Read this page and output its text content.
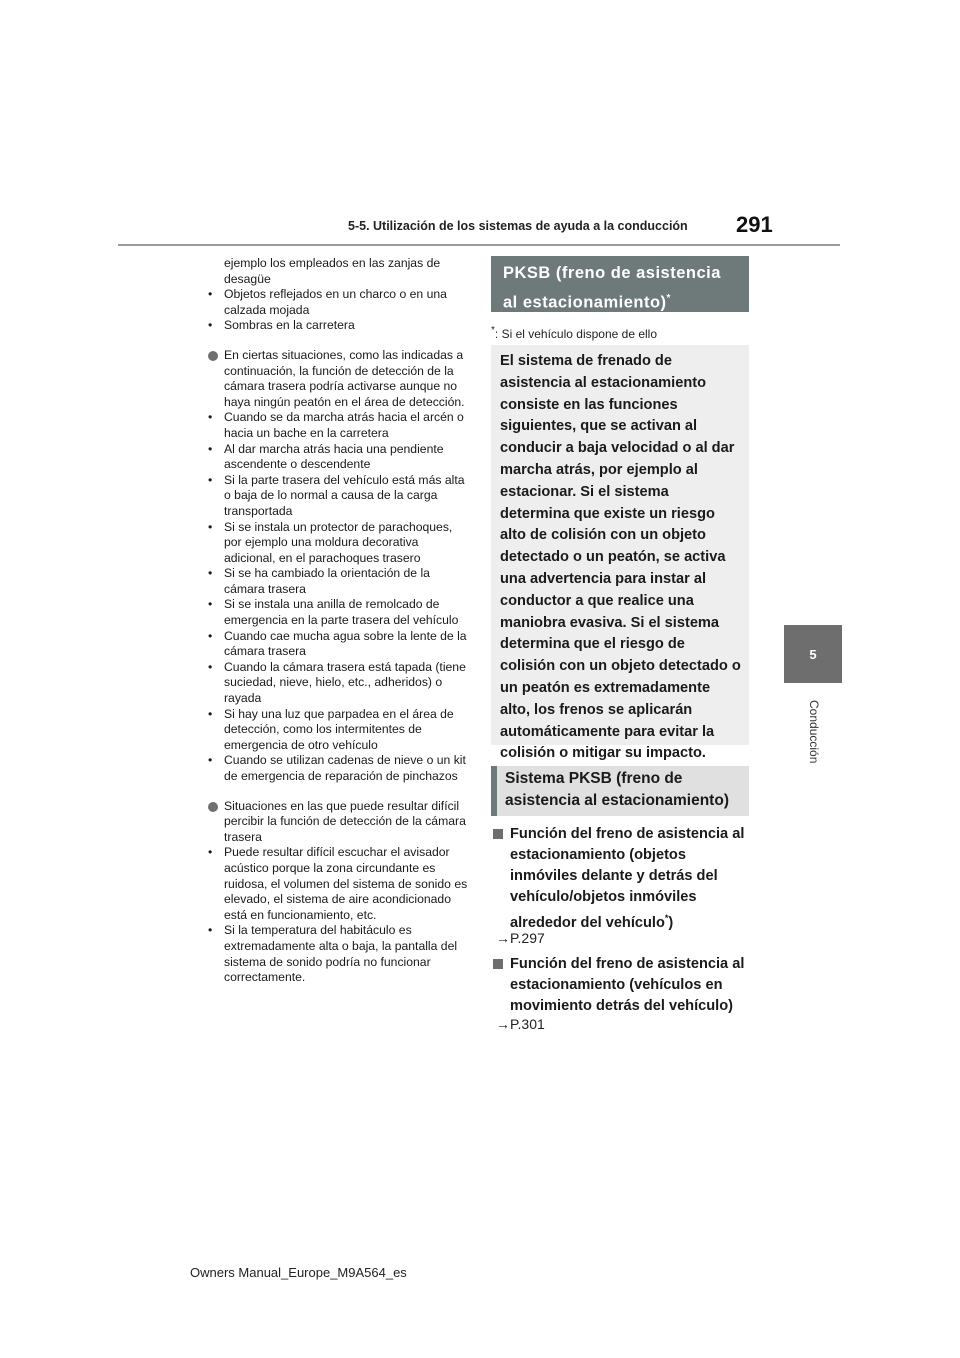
5-5. Utilización de los sistemas de ayuda a la conducción 291
5
Conducción

ejemplo los empleados en las zanjas de desagüe

• Objetos reflejados en un charco o en una calzada mojada

• Sombras en la carretera

En ciertas situaciones, como las indicadas a continuación, la función de detección de la cámara trasera podría activarse aunque no haya ningún peatón en el área de detección.

• Cuando se da marcha atrás hacia el arcén o hacia un bache en la carretera

• Al dar marcha atrás hacia una pendiente ascendente o descendente

• Si la parte trasera del vehículo está más alta o baja de lo normal a causa de la carga transportada

• Si se instala un protector de parachoques, por ejemplo una moldura decorativa adicional, en el parachoques trasero

• Si se ha cambiado la orientación de la cámara trasera

• Si se instala una anilla de remolcado de emergencia en la parte trasera del vehículo

• Cuando cae mucha agua sobre la lente de la cámara trasera

• Cuando la cámara trasera está tapada (tiene suciedad, nieve, hielo, etc., adheridos) o rayada

• Si hay una luz que parpadea en el área de detección, como los intermitentes de emergencia de otro vehículo

• Cuando se utilizan cadenas de nieve o un kit de emergencia de reparación de pinchazos

Situaciones en las que puede resultar difícil percibir la función de detección de la cámara trasera

• Puede resultar difícil escuchar el avisador acústico porque la zona circundante es ruidosa, el volumen del sistema de sonido es elevado, el sistema de aire acondicionado está en funcionamiento, etc.

• Si la temperatura del habitáculo es extremadamente alta o baja, la pantalla del sistema de sonido podría no funcionar correctamente.

PKSB (freno de asistencia al estacionamiento)*
*: Si el vehículo dispone de ello
El sistema de frenado de asistencia al estacionamiento consiste en las funciones siguientes, que se activan al conducir a baja velocidad o al dar marcha atrás, por ejemplo al estacionar. Si el sistema determina que existe un riesgo alto de colisión con un objeto detectado o un peatón, se activa una advertencia para instar al conductor a que realice una maniobra evasiva. Si el sistema determina que el riesgo de colisión con un objeto detectado o un peatón es extremadamente alto, los frenos se aplicarán automáticamente para evitar la colisión o mitigar su impacto.
Sistema PKSB (freno de asistencia al estacionamiento)
Función del freno de asistencia al estacionamiento (objetos inmóviles delante y detrás del vehículo/objetos inmóviles alrededor del vehículo*)
→P.297
Función del freno de asistencia al estacionamiento (vehículos en movimiento detrás del vehículo)
→P.301
Owners Manual_Europe_M9A564_es
